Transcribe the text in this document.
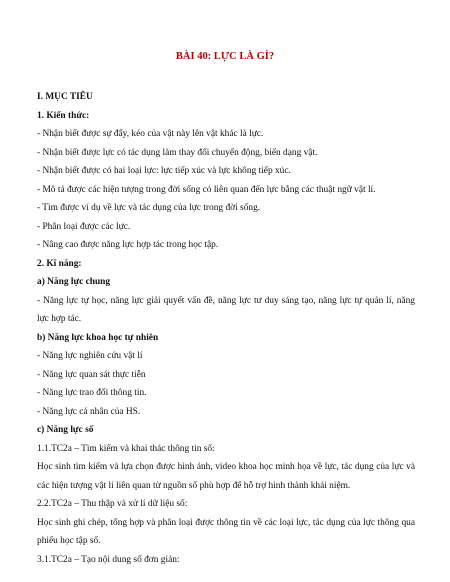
BÀI 40: LỰC LÀ GÌ?

I. MỤC TIÊU

1. Kiến thức:

- Nhận biết được sự đẩy, kéo của vật này lên vật khác là lực.

- Nhận biết được lực có tác dụng làm thay đổi chuyển động, biến dạng vật.

- Nhận biết được có hai loại lực: lực tiếp xúc và lực không tiếp xúc.

- Mô tả được các hiện tượng trong đời sống có liên quan đến lực bằng các thuật ngữ vật lí.

- Tìm được ví dụ về lực và tác dụng của lực trong đời sống.

- Phân loại được các lực.

- Nâng cao được năng lực hợp tác trong học tập.

2. Kĩ năng:

a) Năng lực chung

- Năng lực tự học, năng lực giải quyết vấn đề, năng lực tư duy sáng tạo, năng lực tự quản lí, năng lực hợp tác.

b) Năng lực khoa học tự nhiên

- Năng lực nghiên cứu vật lí

- Năng lực quan sát thực tiễn

- Năng lực trao đổi thông tin.

- Năng lực cá nhân của HS.

c) Năng lực số

1.1.TC2a – Tìm kiếm và khai thác thông tin số:

Học sinh tìm kiếm và lựa chọn được hình ảnh, video khoa học minh họa về lực, tác dụng của lực và các hiện tượng vật lí liên quan từ nguồn số phù hợp để hỗ trợ hình thành khái niệm.

2.2.TC2a – Thu thập và xử lí dữ liệu số:

Học sinh ghi chép, tổng hợp và phân loại được thông tin về các loại lực, tác dụng của lực thông qua phiếu học tập số.

3.1.TC2a – Tạo nội dung số đơn giản:
